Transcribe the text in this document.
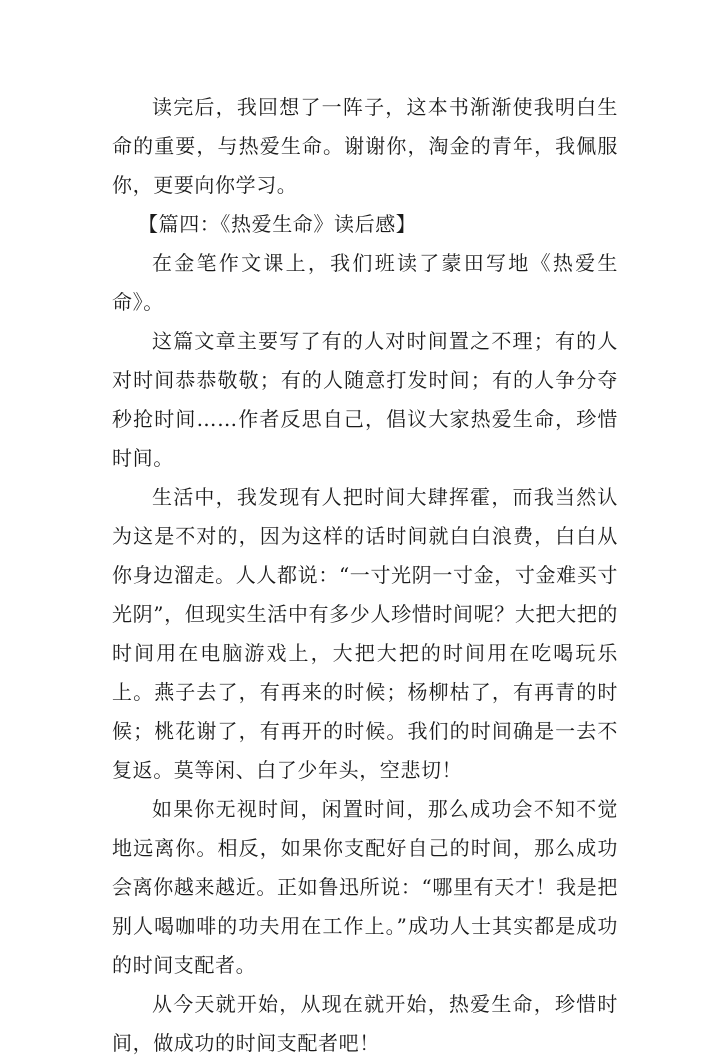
读完后，我回想了一阵子，这本书渐渐使我明白生命的重要，与热爱生命。谢谢你，淘金的青年，我佩服你，更要向你学习。

【篇四：《热爱生命》读后感】

在金笔作文课上，我们班读了蒙田写地《热爱生命》。

这篇文章主要写了有的人对时间置之不理；有的人对时间恭恭敬敬；有的人随意打发时间；有的人争分夺秒抢时间……作者反思自己，倡议大家热爱生命，珍惜时间。

生活中，我发现有人把时间大肆挥霍，而我当然认为这是不对的，因为这样的话时间就白白浪费，白白从你身边溜走。人人都说：“一寸光阴一寸金，寸金难买寸光阴”，但现实生活中有多少人珍惜时间呢？大把大把的时间用在电脑游戏上，大把大把的时间用在吃喝玩乐上。燕子去了，有再来的时候；杨柳枯了，有再青的时候；桃花谢了，有再开的时候。我们的时间确是一去不复返。莫等闲、白了少年头，空悲切！

如果你无视时间，闲置时间，那么成功会不知不觉地远离你。相反，如果你支配好自己的时间，那么成功会离你越来越近。正如鲁迅所说：“哪里有天才！我是把别人喝咖啡的功夫用在工作上。”成功人士其实都是成功的时间支配者。

从今天就开始，从现在就开始，热爱生命，珍惜时间，做成功的时间支配者吧！
